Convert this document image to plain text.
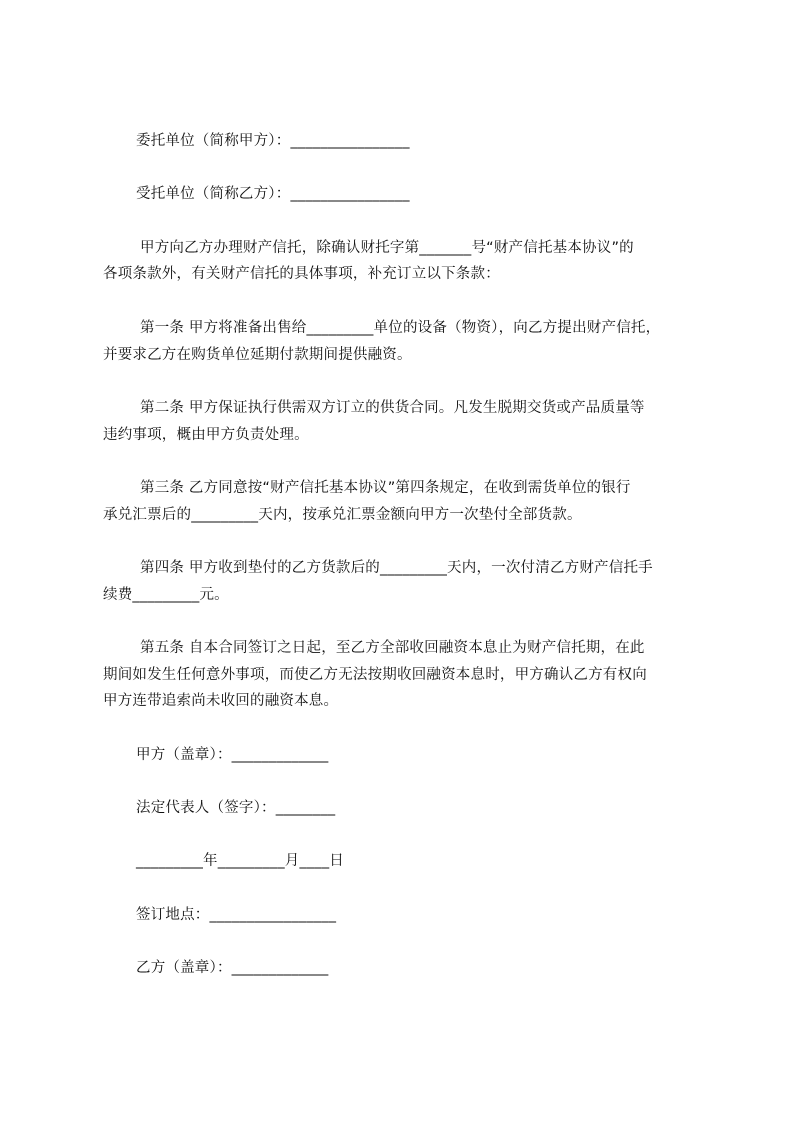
委托单位（简称甲方）：________________
受托单位（简称乙方）：________________
甲方向乙方办理财产信托，除确认财托字第_______号“财产信托基本协议”的
各项条款外，有关财产信托的具体事项，补充订立以下条款：
第一条 甲方将准备出售给_________单位的设备（物资），向乙方提出财产信托，
并要求乙方在购货单位延期付款期间提供融资。
第二条 甲方保证执行供需双方订立的供货合同。凡发生脱期交货或产品质量等
违约事项，概由甲方负责处理。
第三条 乙方同意按“财产信托基本协议”第四条规定，在收到需货单位的银行
承兑汇票后的_________天内，按承兑汇票金额向甲方一次垫付全部货款。
第四条 甲方收到垫付的乙方货款后的_________天内，一次付清乙方财产信托手
续费_________元。
第五条 自本合同签订之日起，至乙方全部收回融资本息止为财产信托期，在此
期间如发生任何意外事项，而使乙方无法按期收回融资本息时，甲方确认乙方有权向
甲方连带追索尚未收回的融资本息。
甲方（盖章）：_____________
法定代表人（签字）：________
_________年_________月____日
签订地点：_________________
乙方（盖章）：_____________
